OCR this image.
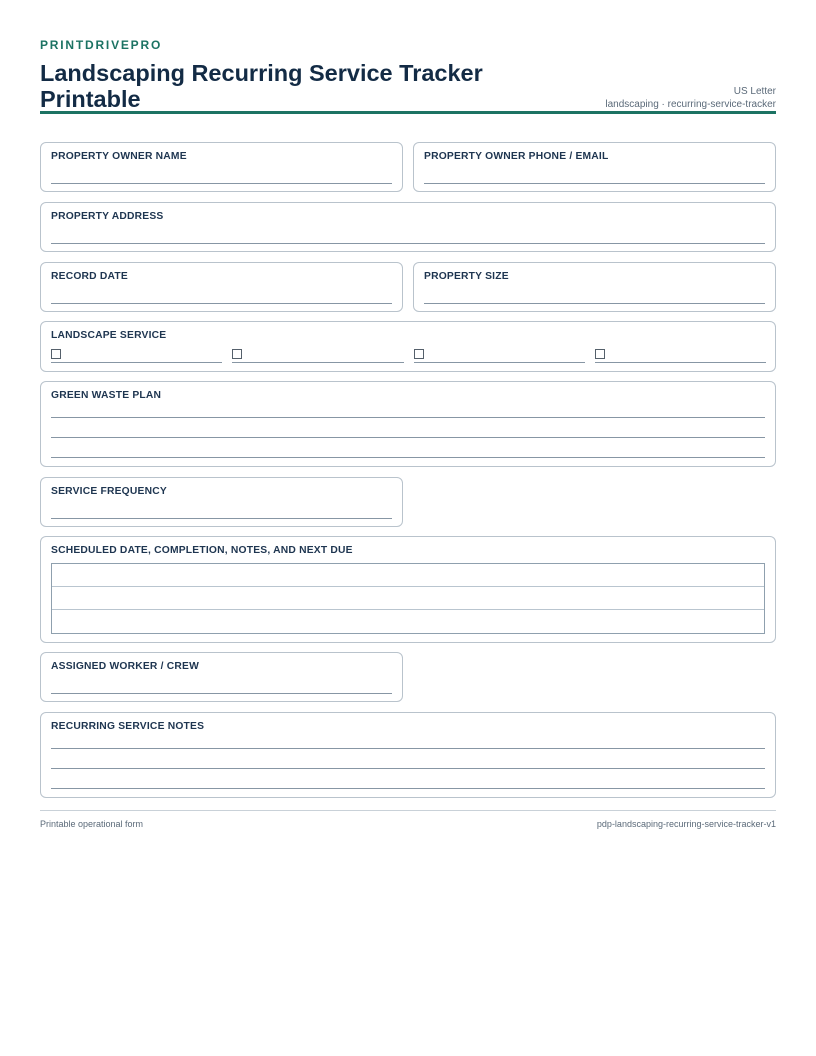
PRINTDRIVEPRO

Landscaping Recurring Service Tracker Printable	US Letter
landscaping · recurring-service-tracker
PROPERTY OWNER NAME	PROPERTY OWNER PHONE / EMAIL
PROPERTY ADDRESS
RECORD DATE	PROPERTY SIZE
LANDSCAPE SERVICE
GREEN WASTE PLAN
SERVICE FREQUENCY
SCHEDULED DATE, COMPLETION, NOTES, AND NEXT DUE
ASSIGNED WORKER / CREW
RECURRING SERVICE NOTES
Printable operational form	pdp-landscaping-recurring-service-tracker-v1
